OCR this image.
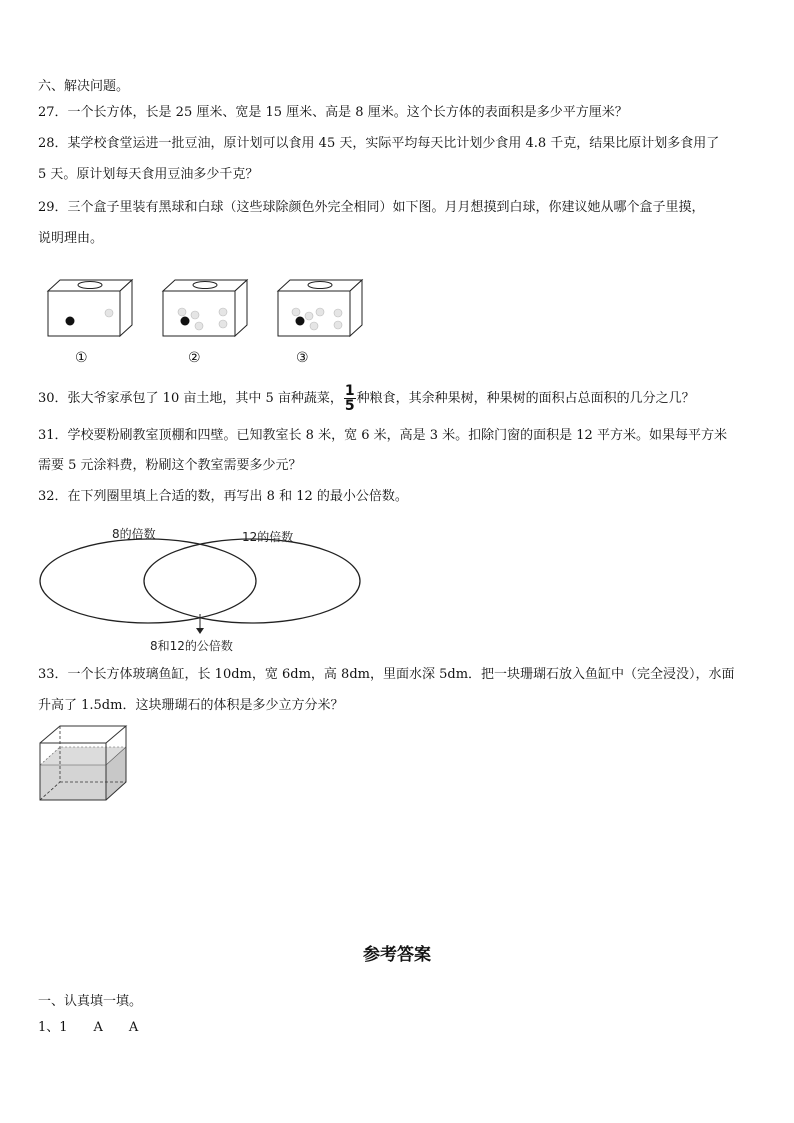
六、解决问题。
27．一个长方体，长是 25 厘米、宽是 15 厘米、高是 8 厘米。这个长方体的表面积是多少平方厘米？
28．某学校食堂运进一批豆油，原计划可以食用 45 天，实际平均每天比计划少食用 4.8 千克，结果比原计划多食用了
5 天。原计划每天食用豆油多少千克？
29．三个盒子里装有黑球和白球（这些球除颜色外完全相同）如下图。月月想摸到白球，你建议她从哪个盒子里摸，
说明理由。
①	②	③
30．张大爷家承包了 10 亩土地，其中 5 亩种蔬菜， $\frac{1}{5}$ 种粮食，其余种果树，种果树的面积占总面积的几分之几？
31．学校要粉刷教室顶棚和四壁。已知教室长 8 米，宽 6 米，高是 3 米。扣除门窗的面积是 12 平方米。如果每平方米
需要 5 元涂料费，粉刷这个教室需要多少元？
32．在下列圈里填上合适的数，再写出 8 和 12 的最小公倍数。
8的倍数	12的倍数
8和12的公倍数
33．一个长方体玻璃鱼缸，长 10dm，宽 6dm，高 8dm，里面水深 5dm．把一块珊瑚石放入鱼缸中（完全浸没），水面
升高了 1.5dm．这块珊瑚石的体积是多少立方分米？
参考答案
一、认真填一填。
1、1　　A　　A
